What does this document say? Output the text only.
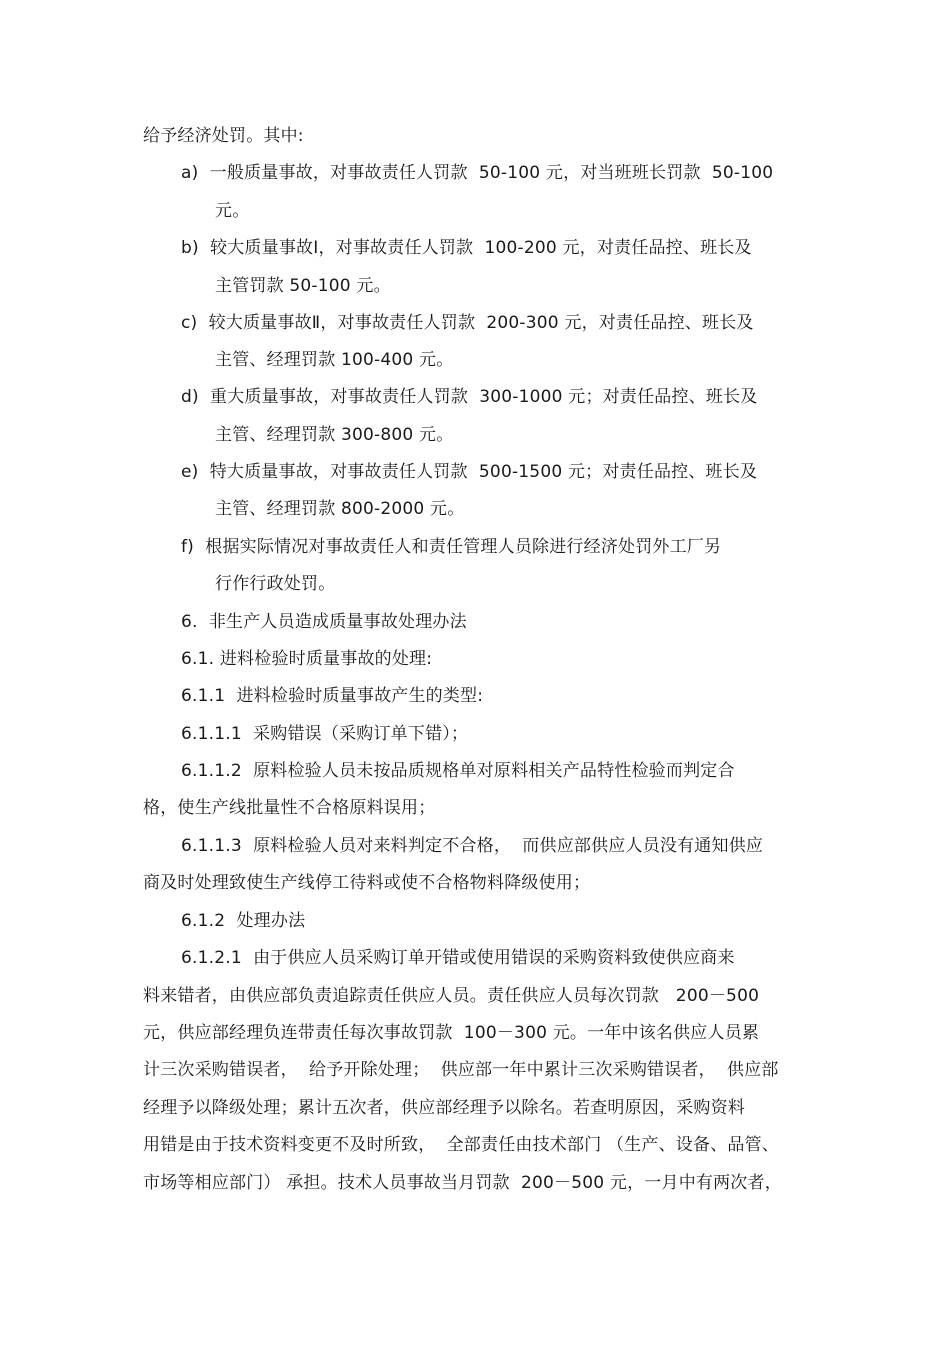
给予经济处罚。其中:

a)  一般质量事故，对事故责任人罚款  50-100 元，对当班班长罚款  50-100

元。

b)  较大质量事故Ⅰ，对事故责任人罚款  100-200 元，对责任品控、班长及

主管罚款 50-100 元。

c)  较大质量事故Ⅱ，对事故责任人罚款  200-300 元，对责任品控、班长及

主管、经理罚款 100-400 元。

d)  重大质量事故，对事故责任人罚款  300-1000 元；对责任品控、班长及

主管、经理罚款 300-800 元。

e)  特大质量事故，对事故责任人罚款  500-1500 元；对责任品控、班长及

主管、经理罚款 800-2000 元。

f)  根据实际情况对事故责任人和责任管理人员除进行经济处罚外工厂另

行作行政处罚。

6.  非生产人员造成质量事故处理办法

6.1. 进料检验时质量事故的处理:

6.1.1  进料检验时质量事故产生的类型:

6.1.1.1  采购错误（采购订单下错）；

6.1.1.2  原料检验人员未按品质规格单对原料相关产品特性检验而判定合

格，使生产线批量性不合格原料误用；

6.1.1.3  原料检验人员对来料判定不合格，  而供应部供应人员没有通知供应

商及时处理致使生产线停工待料或使不合格物料降级使用；

6.1.2  处理办法

6.1.2.1  由于供应人员采购订单开错或使用错误的采购资料致使供应商来

料来错者，由供应部负责追踪责任供应人员。责任供应人员每次罚款   200－500

元，供应部经理负连带责任每次事故罚款  100－300 元。一年中该名供应人员累

计三次采购错误者，  给予开除处理；  供应部一年中累计三次采购错误者，  供应部

经理予以降级处理；累计五次者，供应部经理予以除名。若查明原因，采购资料

用错是由于技术资料变更不及时所致，  全部责任由技术部门 （生产、设备、品管、

市场等相应部门） 承担。技术人员事故当月罚款  200－500 元，一月中有两次者，
